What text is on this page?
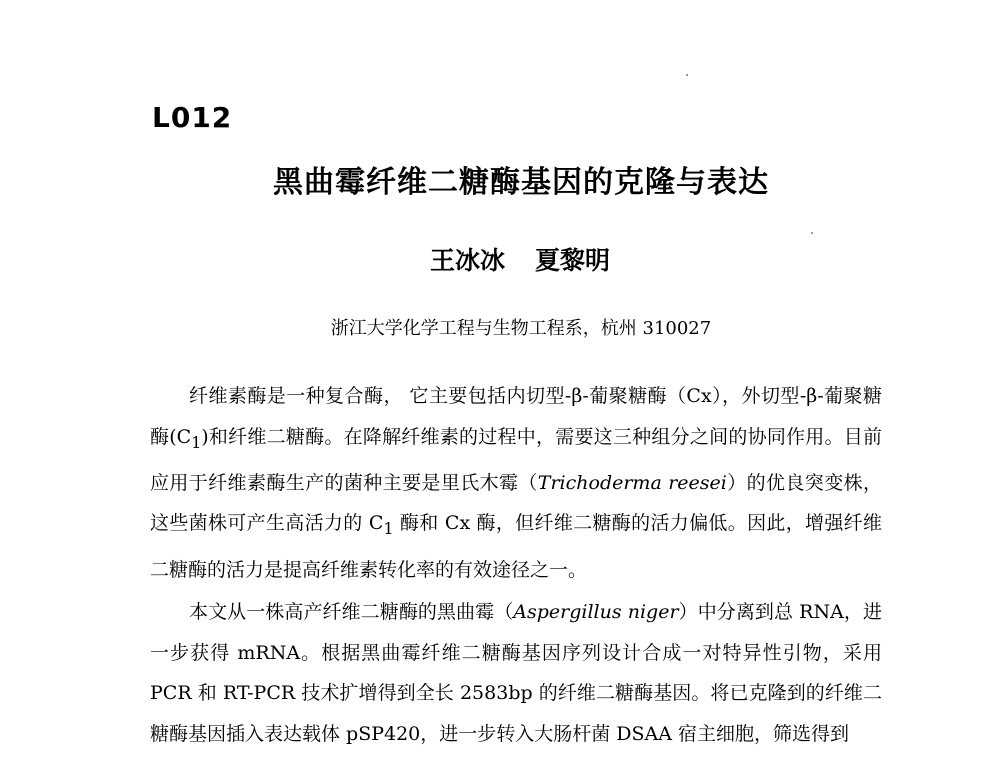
L012
黑曲霉纤维二糖酶基因的克隆与表达
王冰冰 夏黎明
浙江大学化学工程与生物工程系，杭州 310027

纤维素酶是一种复合酶， 它主要包括内切型-β-葡聚糖酶（Cx），外切型-β-葡聚糖酶$(C_1)$和纤维二糖酶。在降解纤维素的过程中，需要这三种组分之间的协同作用。目前应用于纤维素酶生产的菌种主要是里氏木霉（Trichoderma reesei）的优良突变株，这些菌株可产生高活力的 $C_1$ 酶和 Cx 酶，但纤维二糖酶的活力偏低。因此，增强纤维二糖酶的活力是提高纤维素转化率的有效途径之一。

本文从一株高产纤维二糖酶的黑曲霉（Aspergillus niger）中分离到总 RNA，进一步获得 mRNA。根据黑曲霉纤维二糖酶基因序列设计合成一对特异性引物，采用 PCR 和 RT-PCR 技术扩增得到全长 2583bp 的纤维二糖酶基因。将已克隆到的纤维二糖酶基因插入表达载体 pSP420，进一步转入大肠杆菌 DSAA 宿主细胞，筛选得到
